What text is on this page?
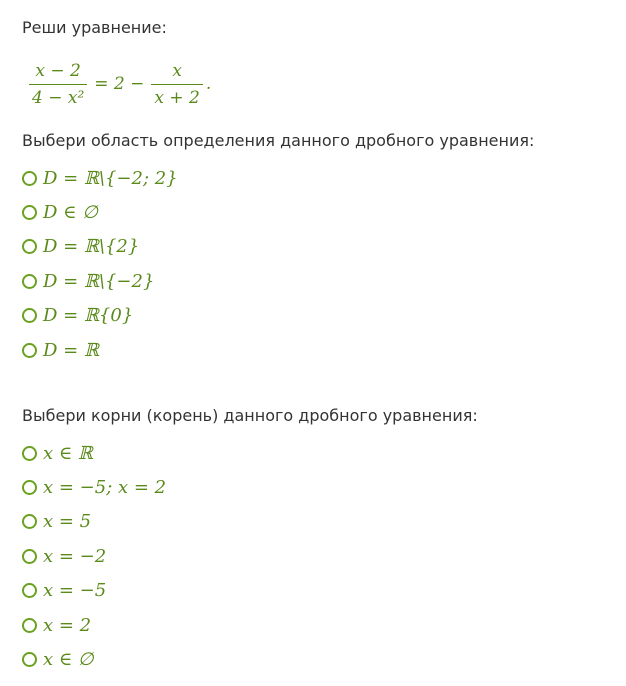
Реши уравнение:
$\frac{x - 2}{\text{4 − x²}} = 2 - \frac{x}{x + 2}$ .
Выбери область определения данного дробного уравнения:
D = ℝ\{−2; 2}
D ∈ ∅
D = ℝ\{2}
D = ℝ\{−2}
D = ℝ{0}
D = ℝ
Выбери корни (корень) данного дробного уравнения:
x ∈ ℝ
x = −5; x = 2
x = 5
x = −2
x = −5
x = 2
x ∈ ∅
